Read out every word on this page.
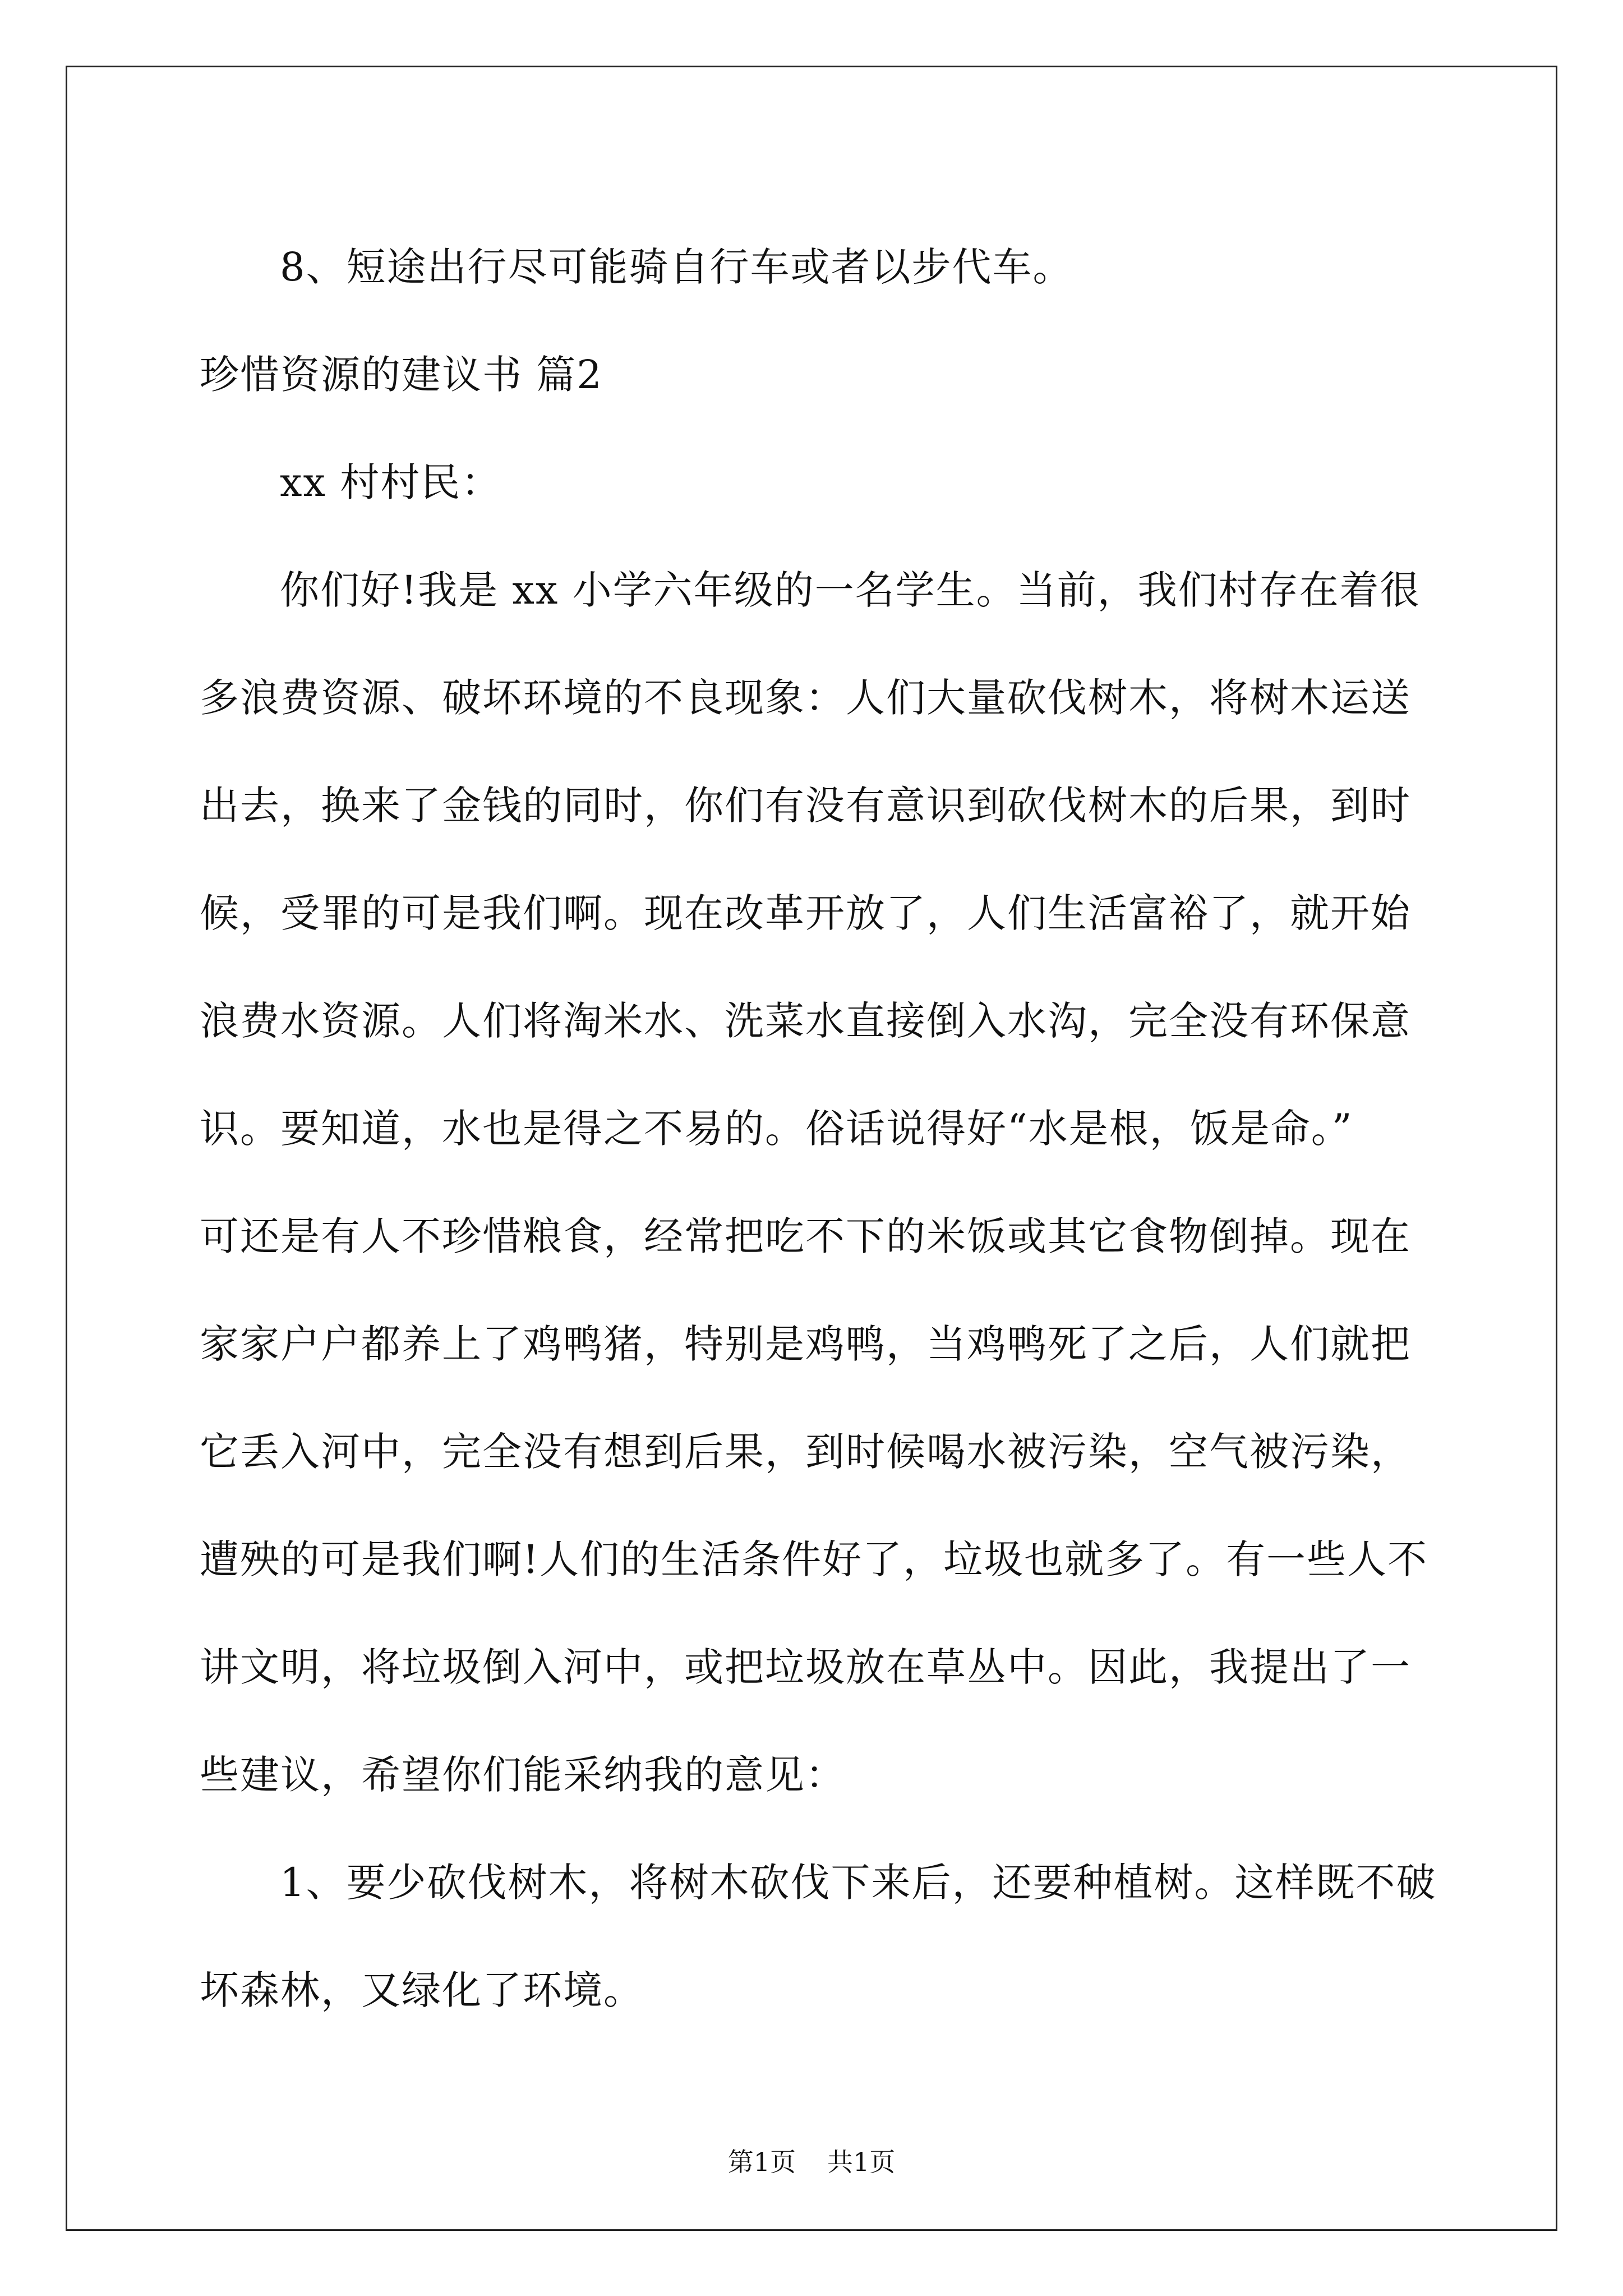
8、短途出行尽可能骑自行车或者以步代车。
珍惜资源的建议书 篇2
xx 村村民：
你们好!我是 xx 小学六年级的一名学生。当前，我们村存在着很
多浪费资源、破坏环境的不良现象：人们大量砍伐树木，将树木运送
出去，换来了金钱的同时，你们有没有意识到砍伐树木的后果，到时
候，受罪的可是我们啊。现在改革开放了，人们生活富裕了，就开始
浪费水资源。人们将淘米水、洗菜水直接倒入水沟，完全没有环保意
识。要知道，水也是得之不易的。俗话说得好“水是根，饭是命。”
可还是有人不珍惜粮食，经常把吃不下的米饭或其它食物倒掉。现在
家家户户都养上了鸡鸭猪，特别是鸡鸭，当鸡鸭死了之后，人们就把
它丢入河中，完全没有想到后果，到时候喝水被污染，空气被污染，
遭殃的可是我们啊!人们的生活条件好了，垃圾也就多了。有一些人不
讲文明，将垃圾倒入河中，或把垃圾放在草丛中。因此，我提出了一
些建议，希望你们能采纳我的意见：
1、要少砍伐树木，将树木砍伐下来后，还要种植树。这样既不破
坏森林，又绿化了环境。
第1页 共1页
